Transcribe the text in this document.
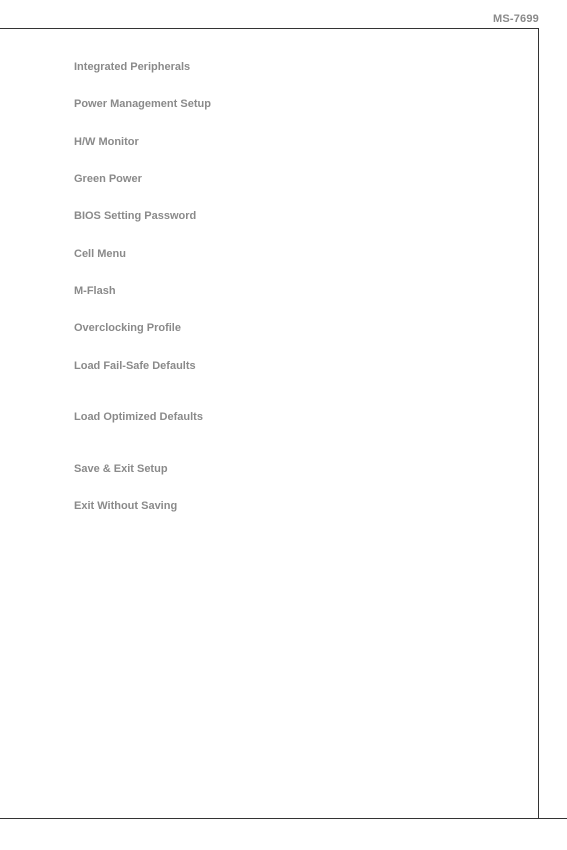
MS-7699
Integrated Peripherals
Power Management Setup
H/W Monitor
Green Power
BIOS Setting Password
Cell Menu
M-Flash
Overclocking Profile
Load Fail-Safe Defaults
Load Optimized Defaults
Save & Exit Setup
Exit Without Saving
